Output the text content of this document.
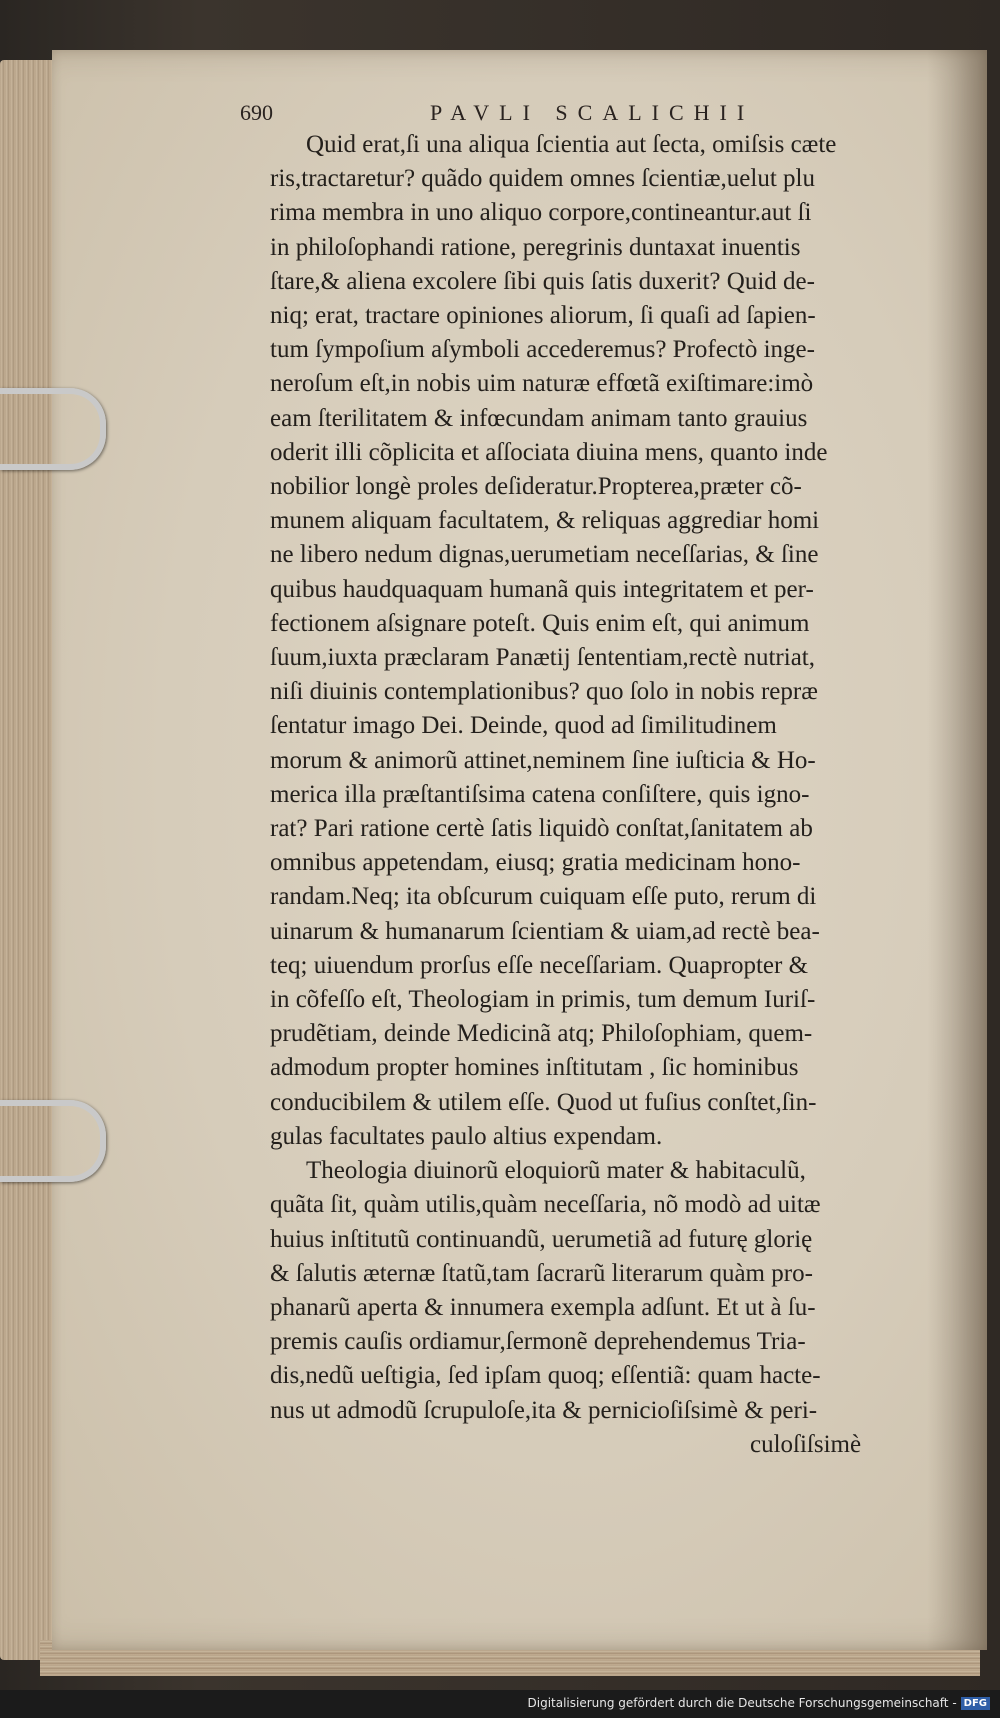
690	PAVLI SCALICHII
Quid erat,ſi una aliqua ſcientia aut ſecta, omiſsis cæte
ris,tractaretur? quãdo quidem omnes ſcientiæ,uelut plu
rima membra in uno aliquo corpore,contineantur.aut ſi
in philoſophandi ratione, peregrinis duntaxat inuentis
ſtare,& aliena excolere ſibi quis ſatis duxerit? Quid de-
niq; erat, tractare opiniones aliorum, ſi quaſi ad ſapien-
tum ſympoſium aſymboli accederemus? Profectò inge-
neroſum eſt,in nobis uim naturæ effœtã exiſtimare:imò
eam ſterilitatem & infœcundam animam tanto grauius
oderit illi cõplicita et aſſociata diuina mens, quanto inde
nobilior longè proles deſideratur.Propterea,præter cõ-
munem aliquam facultatem, & reliquas aggrediar homi
ne libero nedum dignas,uerumetiam neceſſarias, & ſine
quibus haudquaquam humanã quis integritatem et per-
fectionem aſsignare poteſt. Quis enim eſt, qui animum
ſuum,iuxta præclaram Panætij ſententiam,rectè nutriat,
niſi diuinis contemplationibus? quo ſolo in nobis repræ
ſentatur imago Dei. Deinde, quod ad ſimilitudinem
morum & animorũ attinet,neminem ſine iuſticia & Ho-
merica illa præſtantiſsima catena conſiſtere, quis igno-
rat? Pari ratione certè ſatis liquidò conſtat,ſanitatem ab
omnibus appetendam, eiusq; gratia medicinam hono-
randam.Neq; ita obſcurum cuiquam eſſe puto, rerum di
uinarum & humanarum ſcientiam & uiam,ad rectè bea-
teq; uiuendum prorſus eſſe neceſſariam. Quapropter &
in cõfeſſo eſt, Theologiam in primis, tum demum Iuriſ-
prudẽtiam, deinde Medicinã atq; Philoſophiam, quem-
admodum propter homines inſtitutam , ſic hominibus
conducibilem & utilem eſſe. Quod ut fuſius conſtet,ſin-
gulas facultates paulo altius expendam.
Theologia diuinorũ eloquiorũ mater & habitaculũ,
quãta ſit, quàm utilis,quàm neceſſaria, nõ modò ad uitæ
huius inſtitutũ continuandũ, uerumetiã ad futurę glorię
& ſalutis æternæ ſtatũ,tam ſacrarũ literarum quàm pro-
phanarũ aperta & innumera exempla adſunt. Et ut à ſu-
premis cauſis ordiamur,ſermonẽ deprehendemus Tria-
dis,nedũ ueſtigia, ſed ipſam quoq; eſſentiã: quam hacte-
nus ut admodũ ſcrupuloſe,ita & pernicioſiſsimè & peri-
culoſiſsimè
Digitalisierung gefördert durch die Deutsche Forschungsgemeinschaft - DFG
